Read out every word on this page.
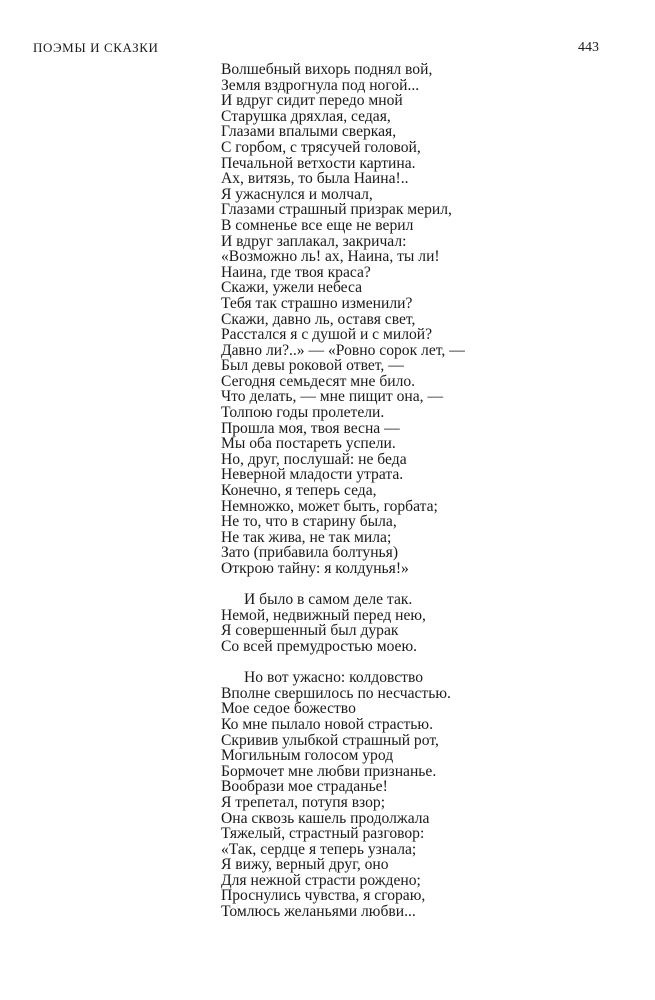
ПОЭМЫ И СКАЗКИ	443
Волшебный вихорь поднял вой,
Земля вздрогнула под ногой...
И вдруг сидит передо мной
Старушка дряхлая, седая,
Глазами впалыми сверкая,
С горбом, с трясучей головой,
Печальной ветхости картина.
Ах, витязь, то была Наина!..
Я ужаснулся и молчал,
Глазами страшный призрак мерил,
В сомненье все еще не верил
И вдруг заплакал, закричал:
«Возможно ль! ах, Наина, ты ли!
Наина, где твоя краса?
Скажи, ужели небеса
Тебя так страшно изменили?
Скажи, давно ль, оставя свет,
Расстался я с душой и с милой?
Давно ли?..» — «Ровно сорок лет, —
Был девы роковой ответ, —
Сегодня семьдесят мне било.
Что делать, — мне пищит она, —
Толпою годы пролетели.
Прошла моя, твоя весна —
Мы оба постареть успели.
Но, друг, послушай: не беда
Неверной младости утрата.
Конечно, я теперь седа,
Немножко, может быть, горбата;
Не то, что в старину была,
Не так жива, не так мила;
Зато (прибавила болтунья)
Открою тайну: я колдунья!»
И было в самом деле так.
Немой, недвижный перед нею,
Я совершенный был дурак
Со всей премудростью моею.
Но вот ужасно: колдовство
Вполне свершилось по несчастью.
Мое седое божество
Ко мне пылало новой страстью.
Скривив улыбкой страшный рот,
Могильным голосом урод
Бормочет мне любви признанье.
Вообрази мое страданье!
Я трепетал, потупя взор;
Она сквозь кашель продолжала
Тяжелый, страстный разговор:
«Так, сердце я теперь узнала;
Я вижу, верный друг, оно
Для нежной страсти рождено;
Проснулись чувства, я сгораю,
Томлюсь желаньями любви...
